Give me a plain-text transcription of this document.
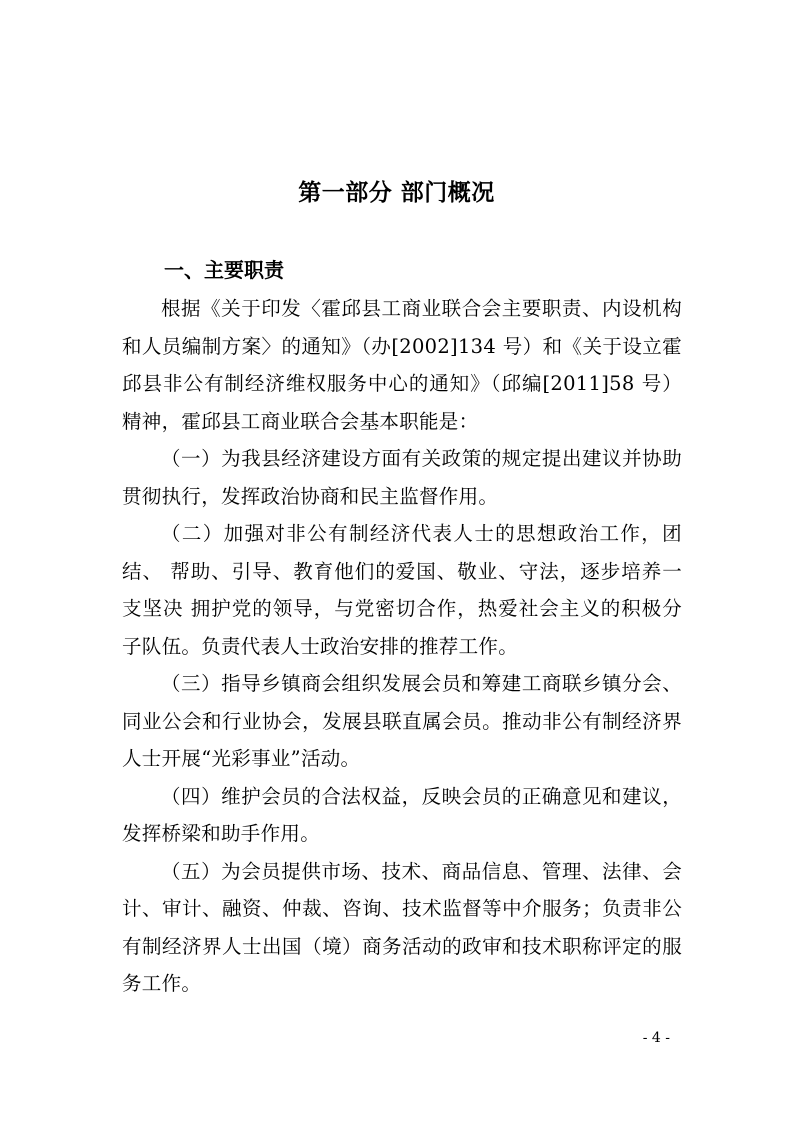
第一部分 部门概况
一、主要职责

根据《关于印发〈霍邱县工商业联合会主要职责、内设机构和人员编制方案〉的通知》（办[2002]134 号）和《关于设立霍 邱县非公有制经济维权服务中心的通知》（邱编[2011]58 号）精神，霍邱县工商业联合会基本职能是：

（一）为我县经济建设方面有关政策的规定提出建议并协助贯彻执行，发挥政治协商和民主监督作用。

（二）加强对非公有制经济代表人士的思想政治工作，团结、 帮助、引导、教育他们的爱国、敬业、守法，逐步培养一支坚决 拥护党的领导，与党密切合作，热爱社会主义的积极分子队伍。负责代表人士政治安排的推荐工作。

（三）指导乡镇商会组织发展会员和筹建工商联乡镇分会、 同业公会和行业协会，发展县联直属会员。推动非公有制经济界人士开展“光彩事业”活动。

（四）维护会员的合法权益，反映会员的正确意见和建议，发挥桥梁和助手作用。

（五）为会员提供市场、技术、商品信息、管理、法律、会 计、审计、融资、仲裁、咨询、技术监督等中介服务；负责非公有制经济界人士出国（境）商务活动的政审和技术职称评定的服务工作。

- 4 -
